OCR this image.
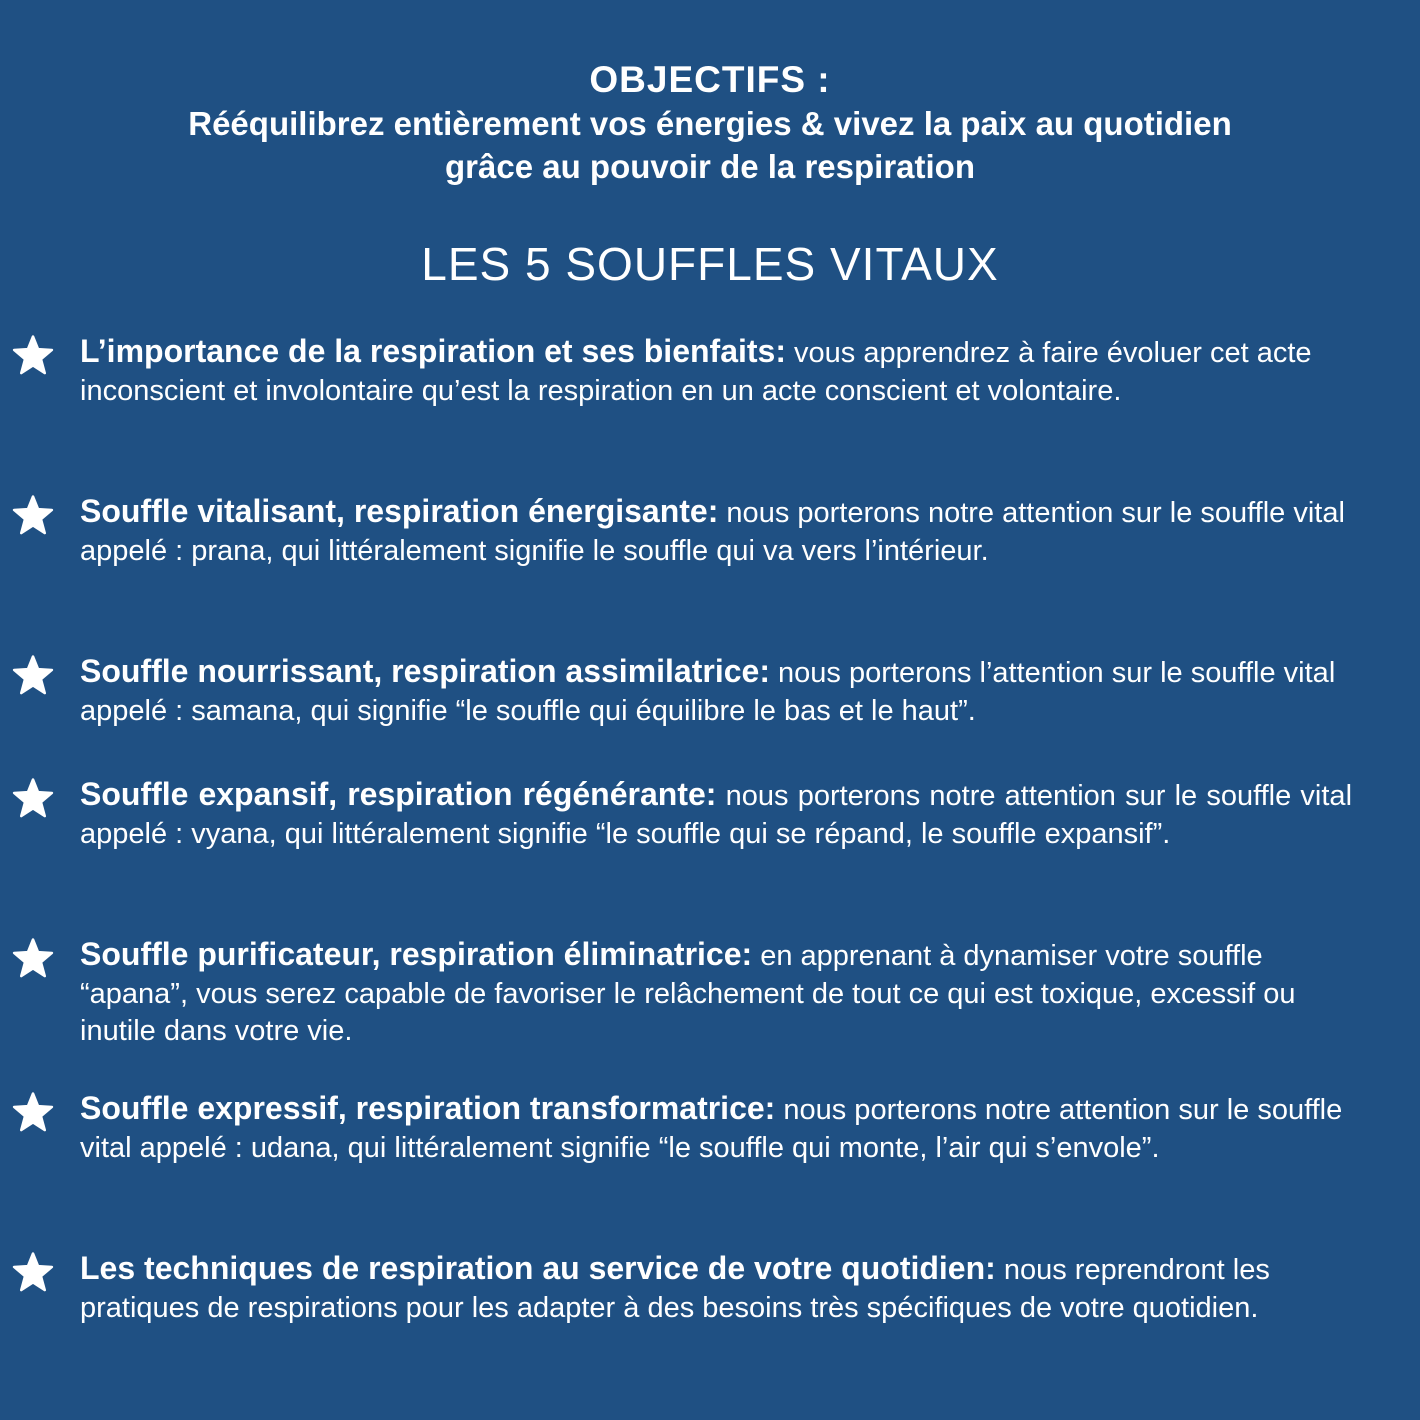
OBJECTIFS :

Rééquilibrez entièrement vos énergies & vivez la paix au quotidien

grâce au pouvoir de la respiration

LES 5 SOUFFLES VITAUX
L’importance de la respiration et ses bienfaits: vous apprendrez à faire évoluer cet acte inconscient et involontaire qu’est la respiration en un acte conscient et volontaire.
Souffle vitalisant, respiration énergisante: nous porterons notre attention sur le souffle vital appelé : prana, qui littéralement signifie le souffle qui va vers l’intérieur.
Souffle nourrissant, respiration assimilatrice: nous porterons l’attention sur le souffle vital appelé : samana, qui signifie “le souffle qui équilibre le bas et le haut”.
Souffle expansif, respiration régénérante: nous porterons notre attention sur le souffle vital appelé : vyana, qui littéralement signifie “le souffle qui se répand, le souffle expansif”.
Souffle purificateur, respiration éliminatrice: en apprenant à dynamiser votre souffle “apana”, vous serez capable de favoriser le relâchement de tout ce qui est toxique, excessif ou inutile dans votre vie.
Souffle expressif, respiration transformatrice: nous porterons notre attention sur le souffle vital appelé : udana, qui littéralement signifie “le souffle qui monte, l’air qui s’envole”.
Les techniques de respiration au service de votre quotidien: nous reprendront les pratiques de respirations pour les adapter à des besoins très spécifiques de votre quotidien.
